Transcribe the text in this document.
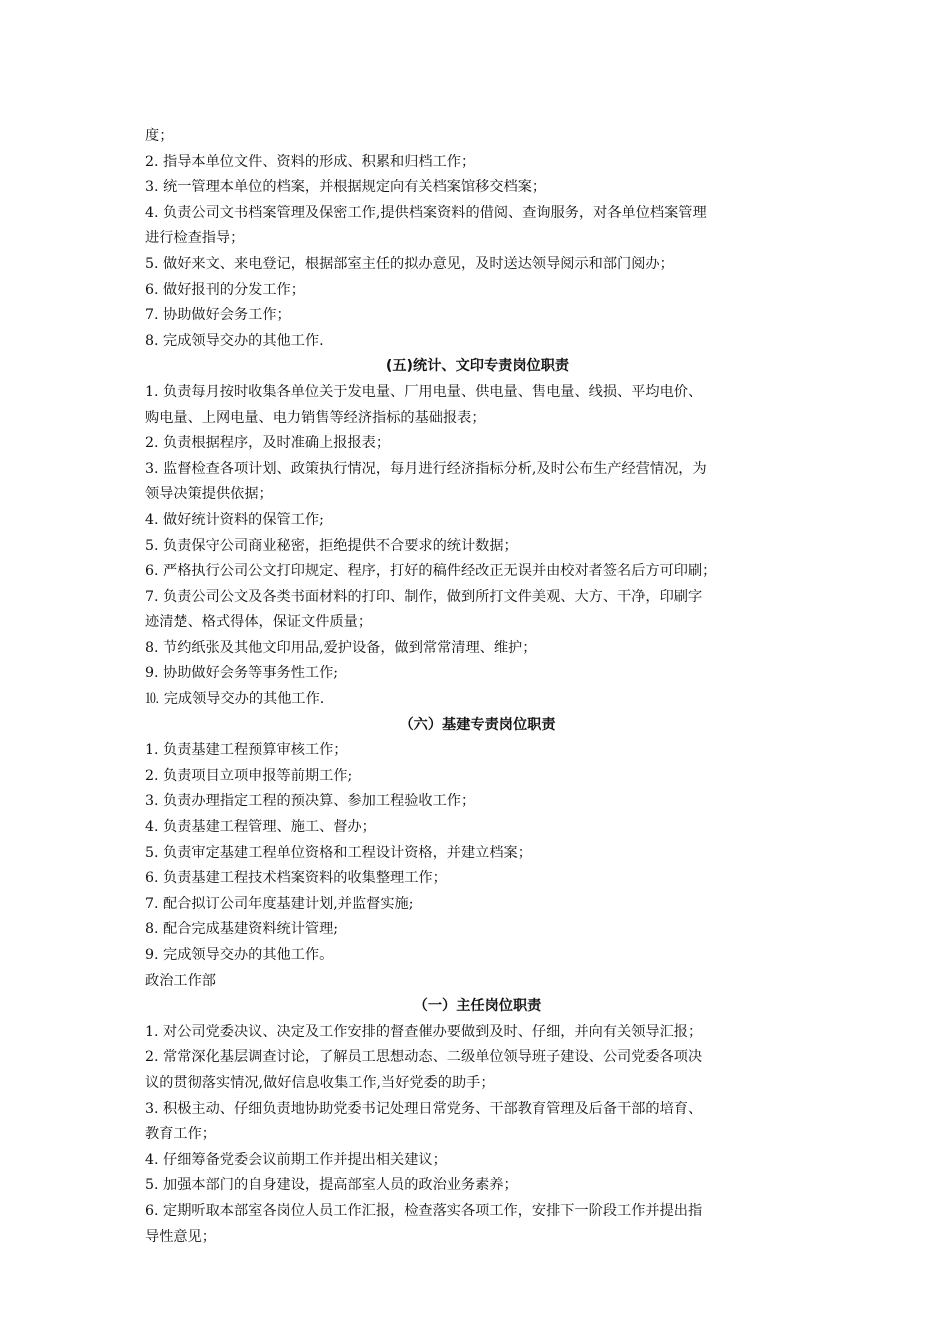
度；

2. 指导本单位文件、资料的形成、积累和归档工作；

3. 统一管理本单位的档案，并根据规定向有关档案馆移交档案；

4. 负责公司文书档案管理及保密工作,提供档案资料的借阅、查询服务，对各单位档案管理

进行检查指导；

5. 做好来文、来电登记，根据部室主任的拟办意见，及时送达领导阅示和部门阅办；

6. 做好报刊的分发工作；

7. 协助做好会务工作；

8. 完成领导交办的其他工作.

(五)统计、文印专责岗位职责

1. 负责每月按时收集各单位关于发电量、厂用电量、供电量、售电量、线损、平均电价、

购电量、上网电量、电力销售等经济指标的基础报表；

2. 负责根据程序，及时准确上报报表；

3. 监督检查各项计划、政策执行情况，每月进行经济指标分析,及时公布生产经营情况，为

领导决策提供依据；

4. 做好统计资料的保管工作;

5. 负责保守公司商业秘密，拒绝提供不合要求的统计数据；

6. 严格执行公司公文打印规定、程序，打好的稿件经改正无误并由校对者签名后方可印刷；

7. 负责公司公文及各类书面材料的打印、制作，做到所打文件美观、大方、干净，印刷字

迹清楚、格式得体，保证文件质量；

8. 节约纸张及其他文印用品,爱护设备，做到常常清理、维护；

9. 协助做好会务等事务性工作;

⒑ 完成领导交办的其他工作.

（六）基建专责岗位职责

1. 负责基建工程预算审核工作；

2. 负责项目立项申报等前期工作;

3. 负责办理指定工程的预决算、参加工程验收工作；

4. 负责基建工程管理、施工、督办；

5. 负责审定基建工程单位资格和工程设计资格，并建立档案；

6. 负责基建工程技术档案资料的收集整理工作；

7. 配合拟订公司年度基建计划,并监督实施;

8. 配合完成基建资料统计管理;

9. 完成领导交办的其他工作。

政治工作部

（一）主任岗位职责

1. 对公司党委决议、决定及工作安排的督查催办要做到及时、仔细，并向有关领导汇报；

2. 常常深化基层调查讨论，了解员工思想动态、二级单位领导班子建设、公司党委各项决

议的贯彻落实情况,做好信息收集工作,当好党委的助手；

3. 积极主动、仔细负责地协助党委书记处理日常党务、干部教育管理及后备干部的培育、

教育工作；

4. 仔细筹备党委会议前期工作并提出相关建议；

5. 加强本部门的自身建设，提高部室人员的政治业务素养；

6. 定期听取本部室各岗位人员工作汇报，检查落实各项工作，安排下一阶段工作并提出指

导性意见；
